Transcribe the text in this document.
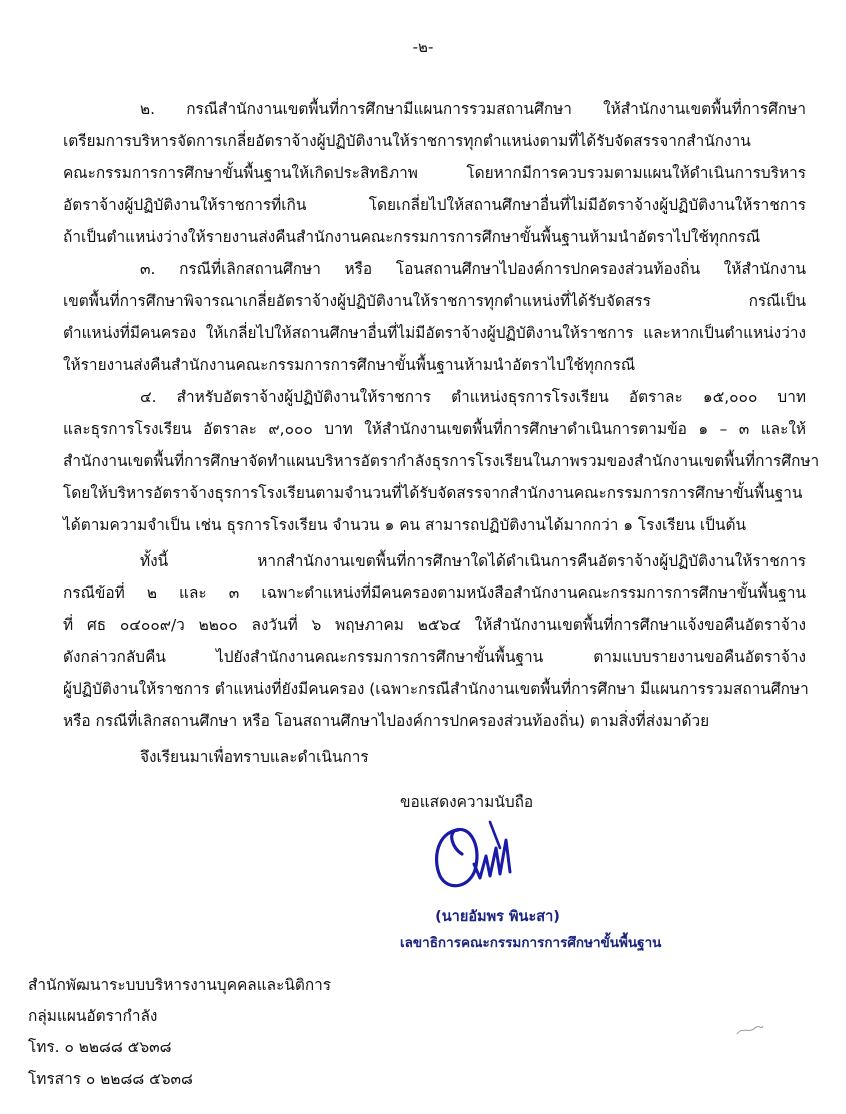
-๒-
๒. กรณีสำนักงานเขตพื้นที่การศึกษามีแผนการรวมสถานศึกษา ให้สำนักงานเขตพื้นที่การศึกษา
เตรียมการบริหารจัดการเกลี่ยอัตราจ้างผู้ปฏิบัติงานให้ราชการทุกตำแหน่งตามที่ได้รับจัดสรรจากสำนักงาน
คณะกรรมการการศึกษาขั้นพื้นฐานให้เกิดประสิทธิภาพ โดยหากมีการควบรวมตามแผนให้ดำเนินการบริหาร
อัตราจ้างผู้ปฏิบัติงานให้ราชการที่เกิน โดยเกลี่ยไปให้สถานศึกษาอื่นที่ไม่มีอัตราจ้างผู้ปฏิบัติงานให้ราชการ
ถ้าเป็นตำแหน่งว่างให้รายงานส่งคืนสำนักงานคณะกรรมการการศึกษาขั้นพื้นฐานห้ามนำอัตราไปใช้ทุกกรณี
๓. กรณีที่เลิกสถานศึกษา หรือ โอนสถานศึกษาไปองค์การปกครองส่วนท้องถิ่น ให้สำนักงาน
เขตพื้นที่การศึกษาพิจารณาเกลี่ยอัตราจ้างผู้ปฏิบัติงานให้ราชการทุกตำแหน่งที่ได้รับจัดสรร กรณีเป็น
ตำแหน่งที่มีคนครอง ให้เกลี่ยไปให้สถานศึกษาอื่นที่ไม่มีอัตราจ้างผู้ปฏิบัติงานให้ราชการ และหากเป็นตำแหน่งว่าง
ให้รายงานส่งคืนสำนักงานคณะกรรมการการศึกษาขั้นพื้นฐานห้ามนำอัตราไปใช้ทุกกรณี
๔. สำหรับอัตราจ้างผู้ปฏิบัติงานให้ราชการ ตำแหน่งธุรการโรงเรียน อัตราละ ๑๕,๐๐๐ บาท
และธุรการโรงเรียน อัตราละ ๙,๐๐๐ บาท ให้สำนักงานเขตพื้นที่การศึกษาดำเนินการตามข้อ ๑ – ๓ และให้
สำนักงานเขตพื้นที่การศึกษาจัดทำแผนบริหารอัตรากำลังธุรการโรงเรียนในภาพรวมของสำนักงานเขตพื้นที่การศึกษา
โดยให้บริหารอัตราจ้างธุรการโรงเรียนตามจำนวนที่ได้รับจัดสรรจากสำนักงานคณะกรรมการการศึกษาขั้นพื้นฐาน
ได้ตามความจำเป็น เช่น ธุรการโรงเรียน จำนวน ๑ คน สามารถปฏิบัติงานได้มากกว่า ๑ โรงเรียน เป็นต้น
ทั้งนี้ หากสำนักงานเขตพื้นที่การศึกษาใดได้ดำเนินการคืนอัตราจ้างผู้ปฏิบัติงานให้ราชการ
กรณีข้อที่ ๒ และ ๓ เฉพาะตำแหน่งที่มีคนครองตามหนังสือสำนักงานคณะกรรมการการศึกษาขั้นพื้นฐาน
ที่ ศธ ๐๔๐๐๙/ว ๒๒๐๐ ลงวันที่ ๖ พฤษภาคม ๒๕๖๔ ให้สำนักงานเขตพื้นที่การศึกษาแจ้งขอคืนอัตราจ้าง
ดังกล่าวกลับคืน ไปยังสำนักงานคณะกรรมการการศึกษาขั้นพื้นฐาน ตามแบบรายงานขอคืนอัตราจ้าง
ผู้ปฏิบัติงานให้ราชการ ตำแหน่งที่ยังมีคนครอง (เฉพาะกรณีสำนักงานเขตพื้นที่การศึกษา มีแผนการรวมสถานศึกษา
หรือ กรณีที่เลิกสถานศึกษา หรือ โอนสถานศึกษาไปองค์การปกครองส่วนท้องถิ่น) ตามสิ่งที่ส่งมาด้วย
จึงเรียนมาเพื่อทราบและดำเนินการ
ขอแสดงความนับถือ
(นายอัมพร พินะสา)
เลขาธิการคณะกรรมการการศึกษาขั้นพื้นฐาน
สำนักพัฒนาระบบบริหารงานบุคคลและนิติการ
กลุ่มแผนอัตรากำลัง
โทร. ๐ ๒๒๘๘ ๕๖๓๘
โทรสาร ๐ ๒๒๘๘ ๕๖๓๘
